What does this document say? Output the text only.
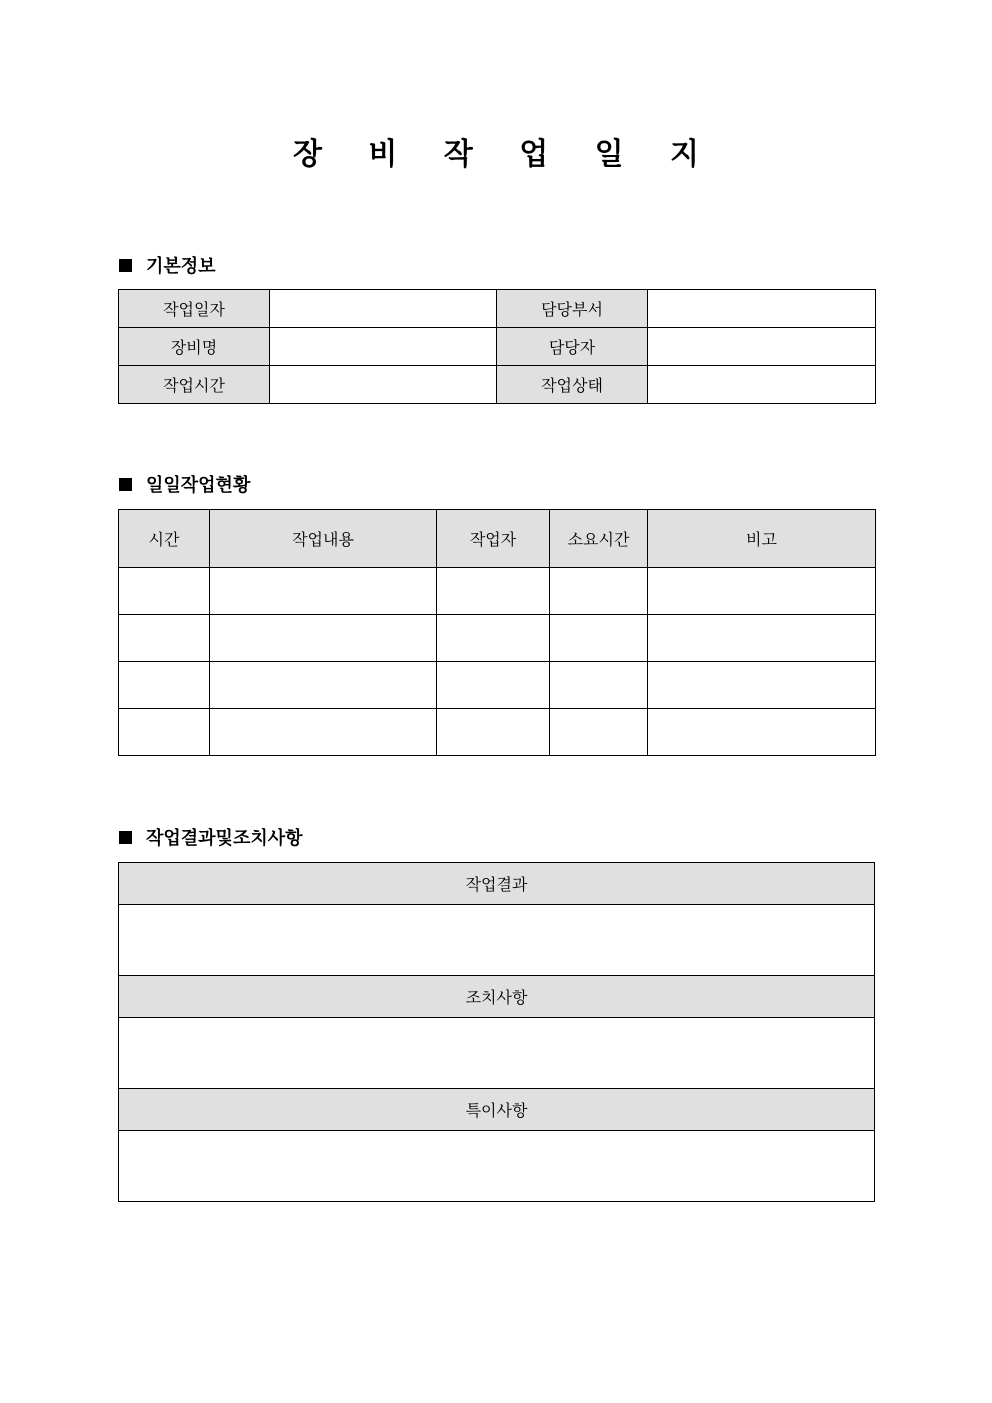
장 비 작 업 일 지
기본정보
작업일자		담당부서	
장비명		담당자	
작업시간		작업상태	
일일작업현황
시간	작업내용	작업자	소요시간	비고

작업결과및조치사항
작업결과

조치사항

특이사항
